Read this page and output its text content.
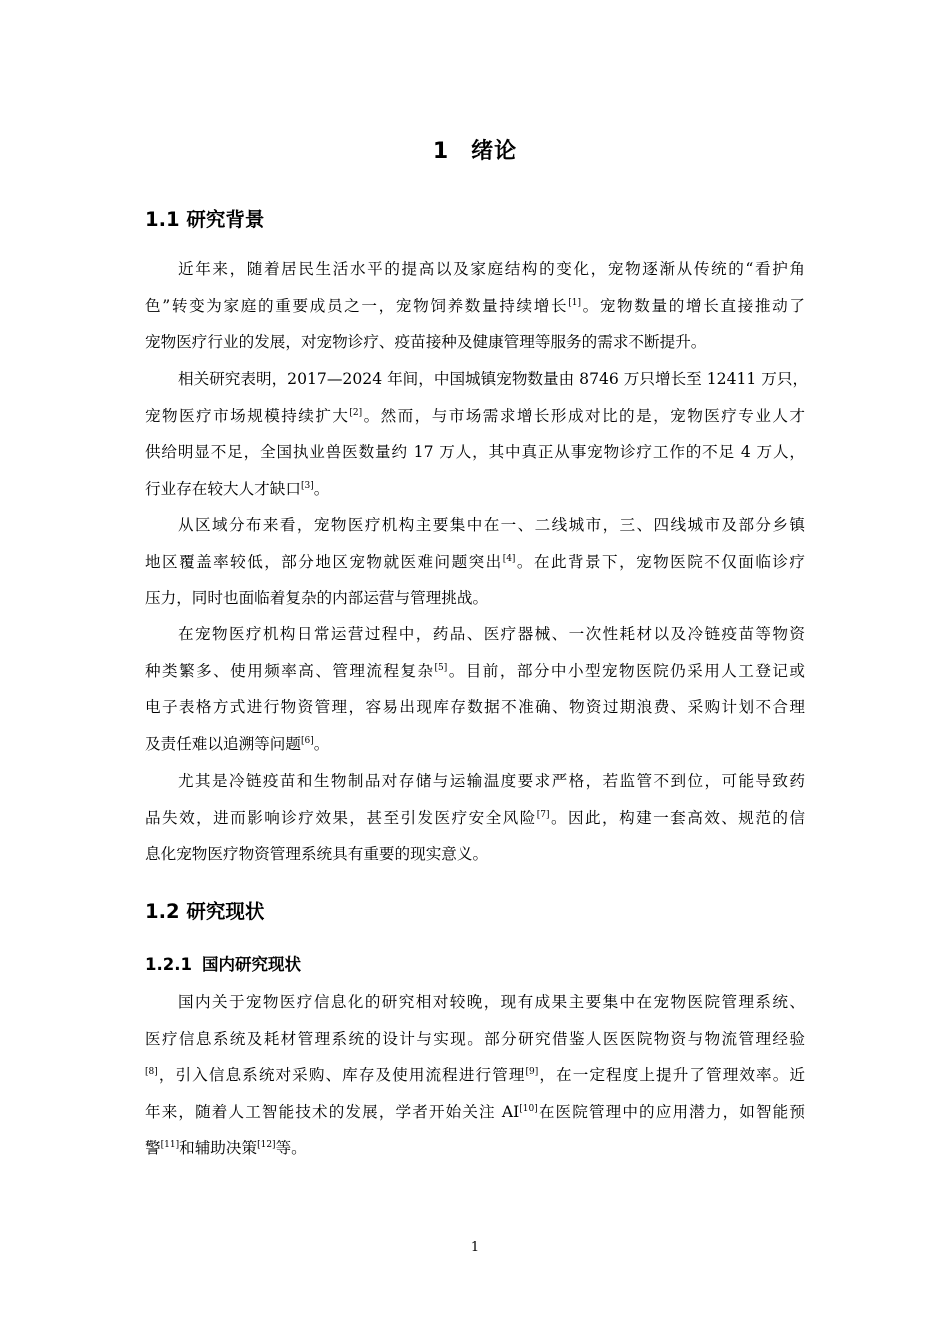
1 绪论
1.1 研究背景
近年来，随着居民生活水平的提高以及家庭结构的变化，宠物逐渐从传统的“看护角
色”转变为家庭的重要成员之一，宠物饲养数量持续增长[1]。宠物数量的增长直接推动了
宠物医疗行业的发展，对宠物诊疗、疫苗接种及健康管理等服务的需求不断提升。
相关研究表明，2017—2024 年间，中国城镇宠物数量由 8746 万只增长至 12411 万只，
宠物医疗市场规模持续扩大[2]。然而，与市场需求增长形成对比的是，宠物医疗专业人才
供给明显不足，全国执业兽医数量约 17 万人，其中真正从事宠物诊疗工作的不足 4 万人，
行业存在较大人才缺口[3]。
从区域分布来看，宠物医疗机构主要集中在一、二线城市，三、四线城市及部分乡镇
地区覆盖率较低，部分地区宠物就医难问题突出[4]。在此背景下，宠物医院不仅面临诊疗
压力，同时也面临着复杂的内部运营与管理挑战。
在宠物医疗机构日常运营过程中，药品、医疗器械、一次性耗材以及冷链疫苗等物资
种类繁多、使用频率高、管理流程复杂[5]。目前，部分中小型宠物医院仍采用人工登记或
电子表格方式进行物资管理，容易出现库存数据不准确、物资过期浪费、采购计划不合理
及责任难以追溯等问题[6]。
尤其是冷链疫苗和生物制品对存储与运输温度要求严格，若监管不到位，可能导致药
品失效，进而影响诊疗效果，甚至引发医疗安全风险[7]。因此，构建一套高效、规范的信
息化宠物医疗物资管理系统具有重要的现实意义。
1.2 研究现状
1.2.1 国内研究现状
国内关于宠物医疗信息化的研究相对较晚，现有成果主要集中在宠物医院管理系统、
医疗信息系统及耗材管理系统的设计与实现。部分研究借鉴人医医院物资与物流管理经验
[8]，引入信息系统对采购、库存及使用流程进行管理[9]，在一定程度上提升了管理效率。近
年来，随着人工智能技术的发展，学者开始关注 AI[10]在医院管理中的应用潜力，如智能预
警[11]和辅助决策[12]等。
1
